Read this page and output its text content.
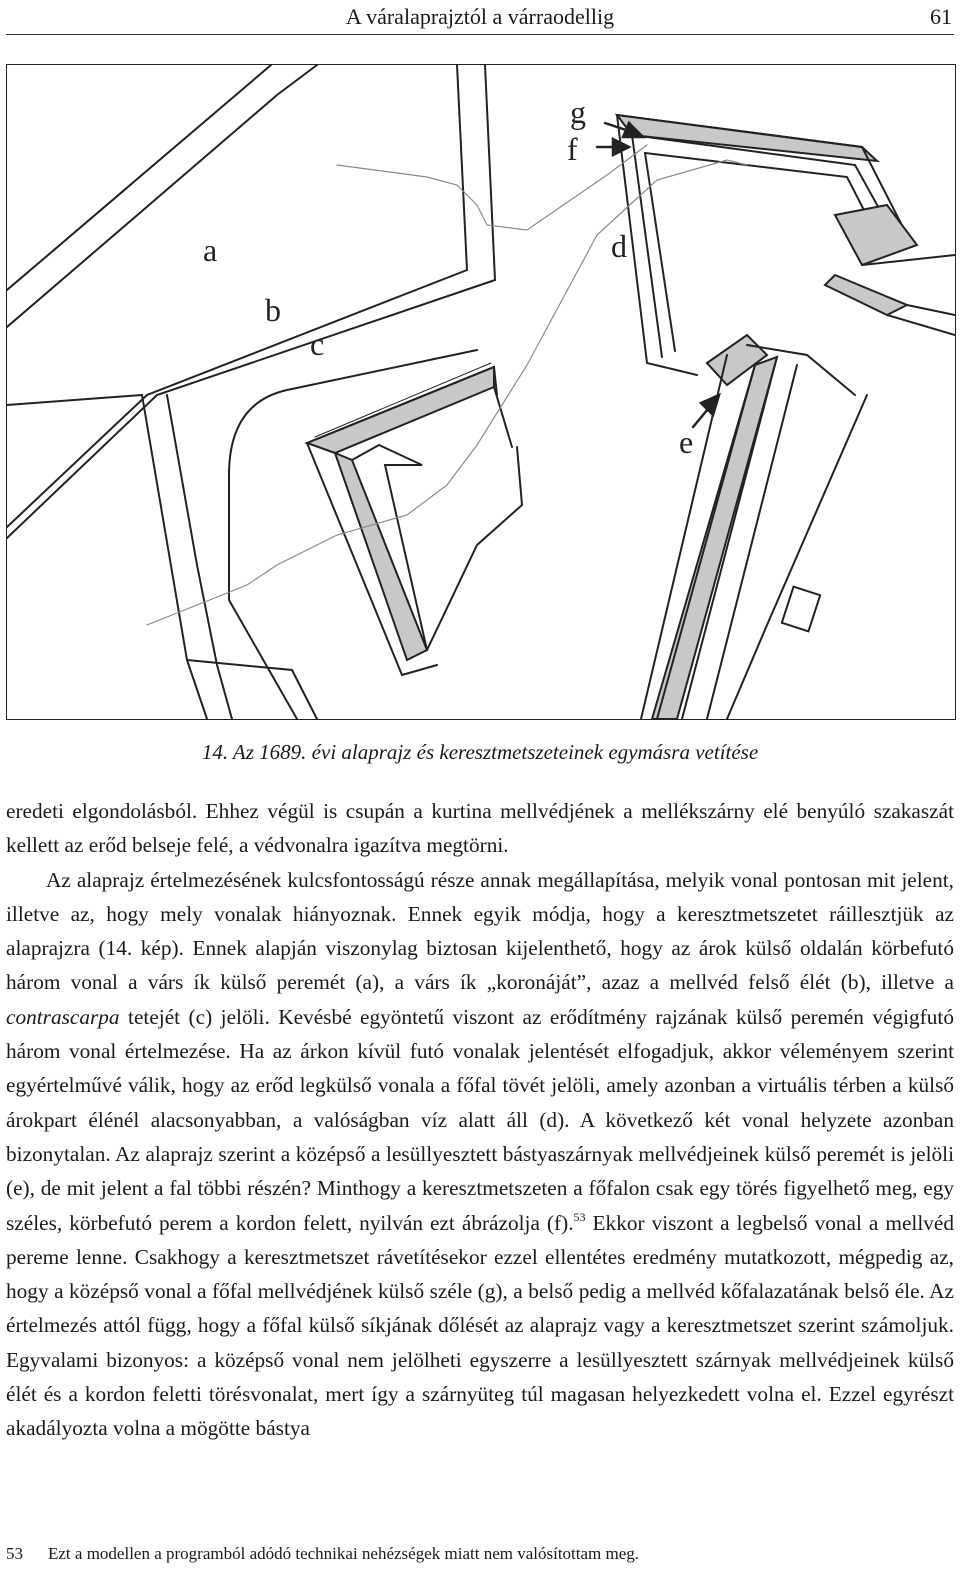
A váralaprajztól a várraodellig	61
a
b
c
d
e
f
g
14. Az 1689. évi alaprajz és keresztmetszeteinek egymásra vetítése

eredeti elgondolásból. Ehhez végül is csupán a kurtina mellvédjének a mellékszárny elé benyúló szakaszát kellett az erőd belseje felé, a védvonalra igazítva megtörni.

Az alaprajz értelmezésének kulcsfontosságú része annak megállapítása, melyik vonal pontosan mit jelent, illetve az, hogy mely vonalak hiányoznak. Ennek egyik módja, hogy a keresztmetszetet ráillesztjük az alaprajzra (14. kép). Ennek alapján viszonylag biztosan kijelenthető, hogy az árok külső oldalán körbefutó három vonal a várs ík külső peremét (a), a várs ík „koronáját”, azaz a mellvéd felső élét (b), illetve a contrascarpa tetejét (c) jelöli. Kevésbé egyöntetű viszont az erődítmény rajzának külső peremén végigfutó három vonal értelmezése. Ha az árkon kívül futó vonalak jelentését elfogadjuk, akkor véleményem szerint egyértelművé válik, hogy az erőd legkülső vonala a főfal tövét jelöli, amely azonban a virtuális térben a külső árokpart élénél alacsonyabban, a valóságban víz alatt áll (d). A következő két vonal helyzete azonban bizonytalan. Az alaprajz szerint a középső a lesüllyesztett bástyaszárnyak mellvédjeinek külső peremét is jelöli (e), de mit jelent a fal többi részén? Minthogy a keresztmetszeten a főfalon csak egy törés figyelhető meg, egy széles, körbefutó perem a kordon felett, nyilván ezt ábrázolja (f).$^{53}$ Ekkor viszont a legbelső vonal a mellvéd pereme lenne. Csakhogy a keresztmetszet rávetítésekor ezzel ellentétes eredmény mutatkozott, mégpedig az, hogy a középső vonal a főfal mellvédjének külső széle (g), a belső pedig a mellvéd kőfalazatának belső éle. Az értelmezés attól függ, hogy a főfal külső síkjának dőlését az alaprajz vagy a keresztmetszet szerint számoljuk. Egyvalami bizonyos: a középső vonal nem jelölheti egyszerre a lesüllyesztett szárnyak mellvédjeinek külső élét és a kordon feletti törésvonalat, mert így a szárnyüteg túl magasan helyezkedett volna el. Ezzel egyrészt akadályozta volna a mögötte bástya

53 Ezt a modellen a programból adódó technikai nehézségek miatt nem valósítottam meg.
